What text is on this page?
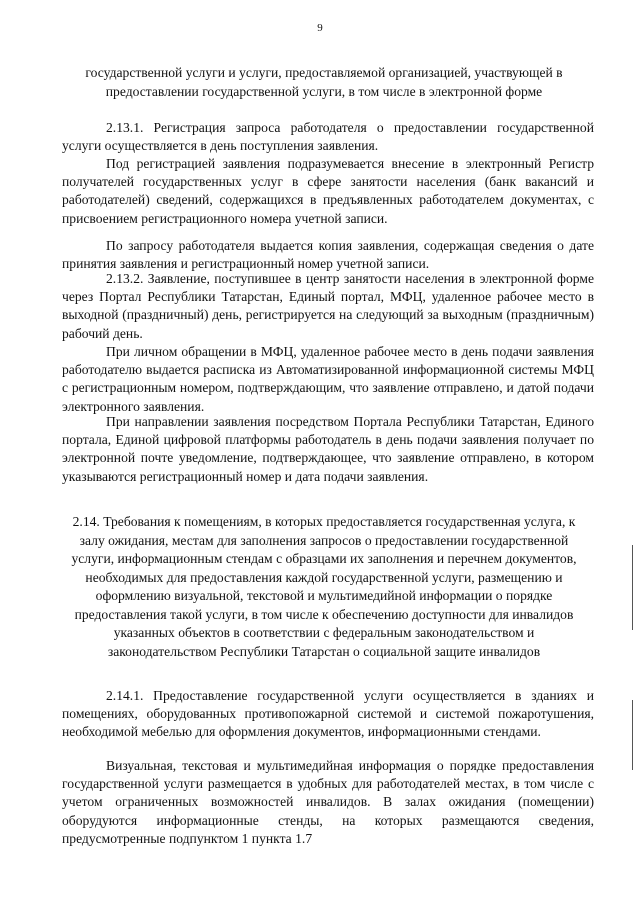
9
государственной услуги и услуги, предоставляемой организацией, участвующей в предоставлении государственной услуги, в том числе в электронной форме
2.13.1. Регистрация запроса работодателя о предоставлении государственной услуги осуществляется в день поступления заявления.
Под регистрацией заявления подразумевается внесение в электронный Регистр получателей государственных услуг в сфере занятости населения (банк вакансий и работодателей) сведений, содержащихся в предъявленных работодателем документах, с присвоением регистрационного номера учетной записи.
По запросу работодателя выдается копия заявления, содержащая сведения о дате принятия заявления и регистрационный номер учетной записи.
2.13.2. Заявление, поступившее в центр занятости населения в электронной форме через Портал Республики Татарстан, Единый портал, МФЦ, удаленное рабочее место в выходной (праздничный) день, регистрируется на следующий за выходным (праздничным) рабочий день.
При личном обращении в МФЦ, удаленное рабочее место в день подачи заявления работодателю выдается расписка из Автоматизированной информационной системы МФЦ с регистрационным номером, подтверждающим, что заявление отправлено, и датой подачи электронного заявления.
При направлении заявления посредством Портала Республики Татарстан, Единого портала, Единой цифровой платформы работодатель в день подачи заявления получает по электронной почте уведомление, подтверждающее, что заявление отправлено, в котором указываются регистрационный номер и дата подачи заявления.
2.14. Требования к помещениям, в которых предоставляется государственная услуга, к залу ожидания, местам для заполнения запросов о предоставлении государственной услуги, информационным стендам с образцами их заполнения и перечнем документов, необходимых для предоставления каждой государственной услуги, размещению и оформлению визуальной, текстовой и мультимедийной информации о порядке предоставления такой услуги, в том числе к обеспечению доступности для инвалидов указанных объектов в соответствии с федеральным законодательством и законодательством Республики Татарстан о социальной защите инвалидов
2.14.1. Предоставление государственной услуги осуществляется в зданиях и помещениях, оборудованных противопожарной системой и системой пожаротушения, необходимой мебелью для оформления документов, информационными стендами.
Визуальная, текстовая и мультимедийная информация о порядке предоставления государственной услуги размещается в удобных для работодателей местах, в том числе с учетом ограниченных возможностей инвалидов. В залах ожидания (помещении) оборудуются информационные стенды, на которых размещаются сведения, предусмотренные подпунктом 1 пункта 1.7
